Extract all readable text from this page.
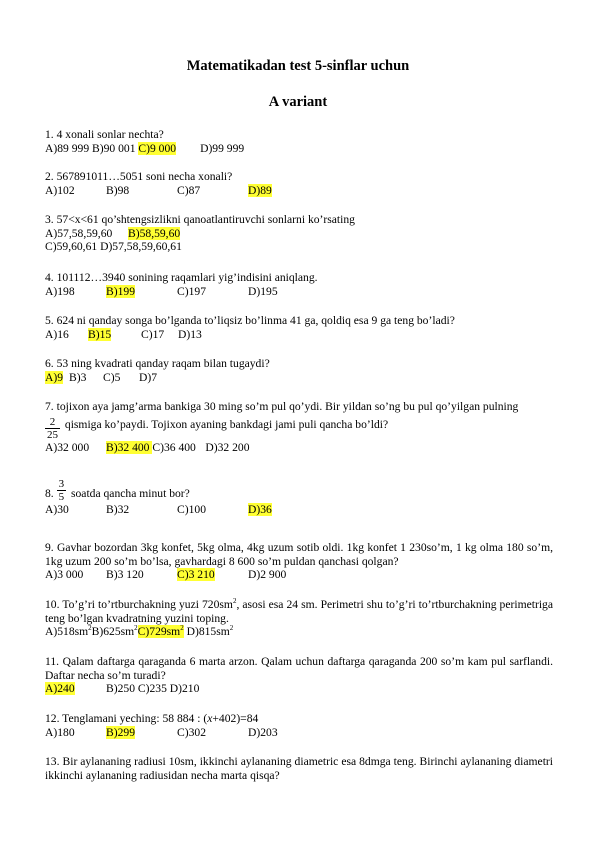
Matematikadan test 5-sinflar uchun
A variant

1. 4 xonali sonlar nechta?

A)89 999 B)90 001 C)9 000 D)99 999

2. 567891011…5051 soni necha xonali?

A)102	B)98	C)87	D)89

3. 57<x<61 qo’shtengsizlikni qanoatlantiruvchi sonlarni ko’rsating

A)57,58,59,60 B)58,59,60

C)59,60,61 D)57,58,59,60,61

4. 101112…3940 sonining raqamlari yig’indisini aniqlang.

A)198	B)199	C)197	D)195

5. 624 ni qanday songa bo’lganda to’liqsiz bo’linma 41 ga, qoldiq esa 9 ga teng bo’ladi?

A)16 B)15	C)17 D)13

6. 53 ning kvadrati qanday raqam bilan tugaydi?

A)9 B)3 C)5 D)7

7. tojixon aya jamg’arma bankiga 30 ming so’m pul qo’ydi. Bir yildan so’ng bu pul qo’yilgan pulning

$\frac{2}{25}$ qismiga ko’paydi. Tojixon ayaning bankdagi jami puli qancha bo’ldi?

A)32 000 B)32 400 C)36 400 D)32 200

8. $\frac{3}{5}$ soatda qancha minut bor?

A)30	B)32	C)100	D)36

9. Gavhar bozordan 3kg konfet, 5kg olma, 4kg uzum sotib oldi. 1kg konfet 1 230so’m, 1 kg olma 180 so’m, 1kg uzum 200 so’m bo’lsa, gavhardagi 8 600 so’m puldan qanchasi qolgan?

A)3 000 B)3 120	C)3 210	D)2 900

10. To’g’ri to’rtburchakning yuzi $720sm^2$, asosi esa 24 sm. Perimetri shu to’g’ri to’rtburchakning perimetriga teng bo’lgan kvadratning yuzini toping.

$A)518sm^2B)625sm^2C)729sm^2$ $D)815sm^2$

11. Qalam daftarga qaraganda 6 marta arzon. Qalam uchun daftarga qaraganda 200 so’m kam pul sarflandi. Daftar necha so’m turadi?

A)240	B)250 C)235 D)210

12. Tenglamani yeching: 58 884 : (x+402)=84

A)180	B)299	C)302	D)203

13. Bir aylananing radiusi 10sm, ikkinchi aylananing diametric esa 8dmga teng. Birinchi aylananing diametri ikkinchi aylananing radiusidan necha marta qisqa?
